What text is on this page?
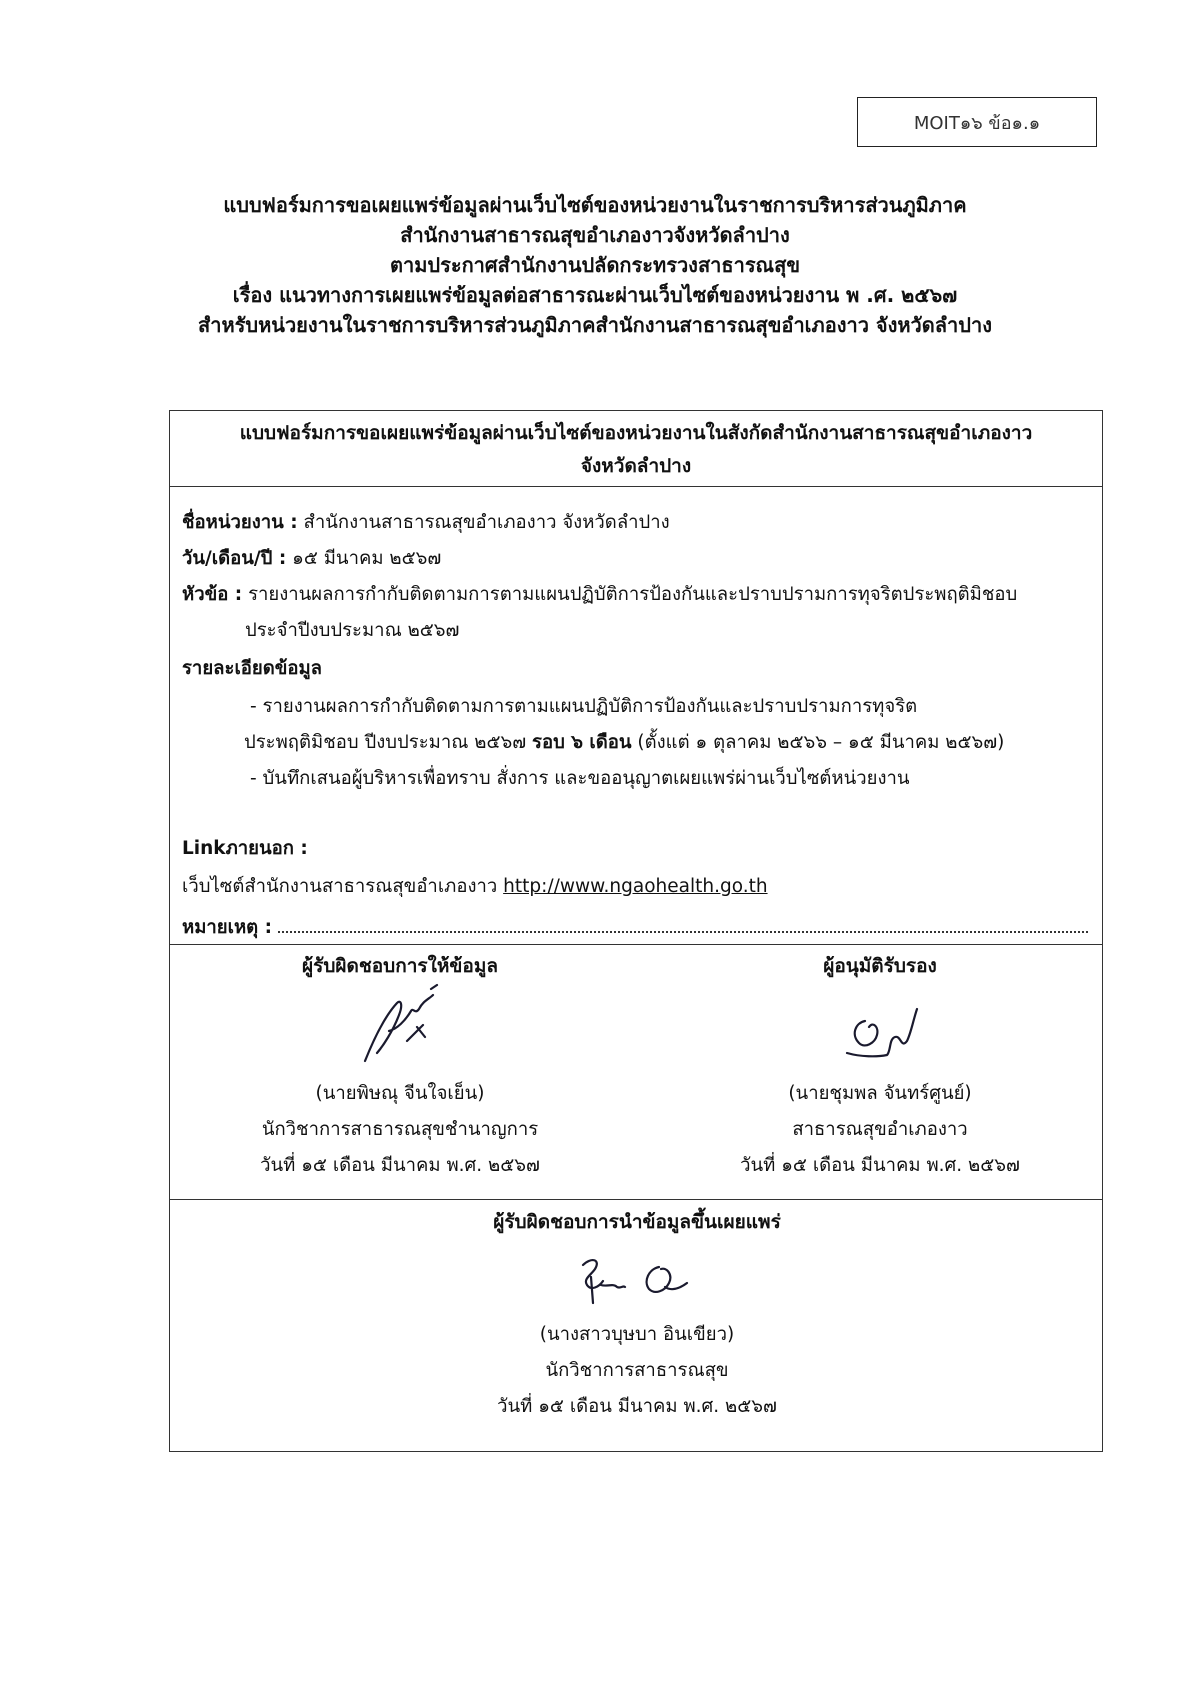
MOIT๑๖ ข้อ๑.๑
แบบฟอร์มการขอเผยแพร่ข้อมูลผ่านเว็บไซต์ของหน่วยงานในราชการบริหารส่วนภูมิภาค
สำนักงานสาธารณสุขอำเภองาวจังหวัดลำปาง
ตามประกาศสำนักงานปลัดกระทรวงสาธารณสุข
เรื่อง แนวทางการเผยแพร่ข้อมูลต่อสาธารณะผ่านเว็บไซต์ของหน่วยงาน พ .ศ. ๒๕๖๗
สำหรับหน่วยงานในราชการบริหารส่วนภูมิภาคสำนักงานสาธารณสุขอำเภองาว จังหวัดลำปาง
แบบฟอร์มการขอเผยแพร่ข้อมูลผ่านเว็บไซต์ของหน่วยงานในสังกัดสำนักงานสาธารณสุขอำเภองาว
จังหวัดลำปาง
ชื่อหน่วยงาน : สำนักงานสาธารณสุขอำเภองาว จังหวัดลำปาง
วัน/เดือน/ปี : ๑๕ มีนาคม ๒๕๖๗
หัวข้อ : รายงานผลการกำกับติดตามการตามแผนปฏิบัติการป้องกันและปราบปรามการทุจริตประพฤติมิชอบ
ประจำปีงบประมาณ ๒๕๖๗
รายละเอียดข้อมูล
- รายงานผลการกำกับติดตามการตามแผนปฏิบัติการป้องกันและปราบปรามการทุจริต
ประพฤติมิชอบ ปีงบประมาณ ๒๕๖๗ รอบ ๖ เดือน (ตั้งแต่ ๑ ตุลาคม ๒๕๖๖ – ๑๕ มีนาคม ๒๕๖๗)
- บันทึกเสนอผู้บริหารเพื่อทราบ สั่งการ และขออนุญาตเผยแพร่ผ่านเว็บไซต์หน่วยงาน
Linkภายนอก :
เว็บไซต์สำนักงานสาธารณสุขอำเภองาว http://www.ngaohealth.go.th
หมายเหตุ :
ผู้รับผิดชอบการให้ข้อมูล
(นายพิษณุ จีนใจเย็น)
นักวิชาการสาธารณสุขชำนาญการ
วันที่ ๑๕ เดือน มีนาคม พ.ศ. ๒๕๖๗
ผู้อนุมัติรับรอง
(นายชุมพล จันทร์ศูนย์)
สาธารณสุขอำเภองาว
วันที่ ๑๕ เดือน มีนาคม พ.ศ. ๒๕๖๗
ผู้รับผิดชอบการนำข้อมูลขึ้นเผยแพร่
(นางสาวบุษบา อินเขียว)
นักวิชาการสาธารณสุข
วันที่ ๑๕ เดือน มีนาคม พ.ศ. ๒๕๖๗
